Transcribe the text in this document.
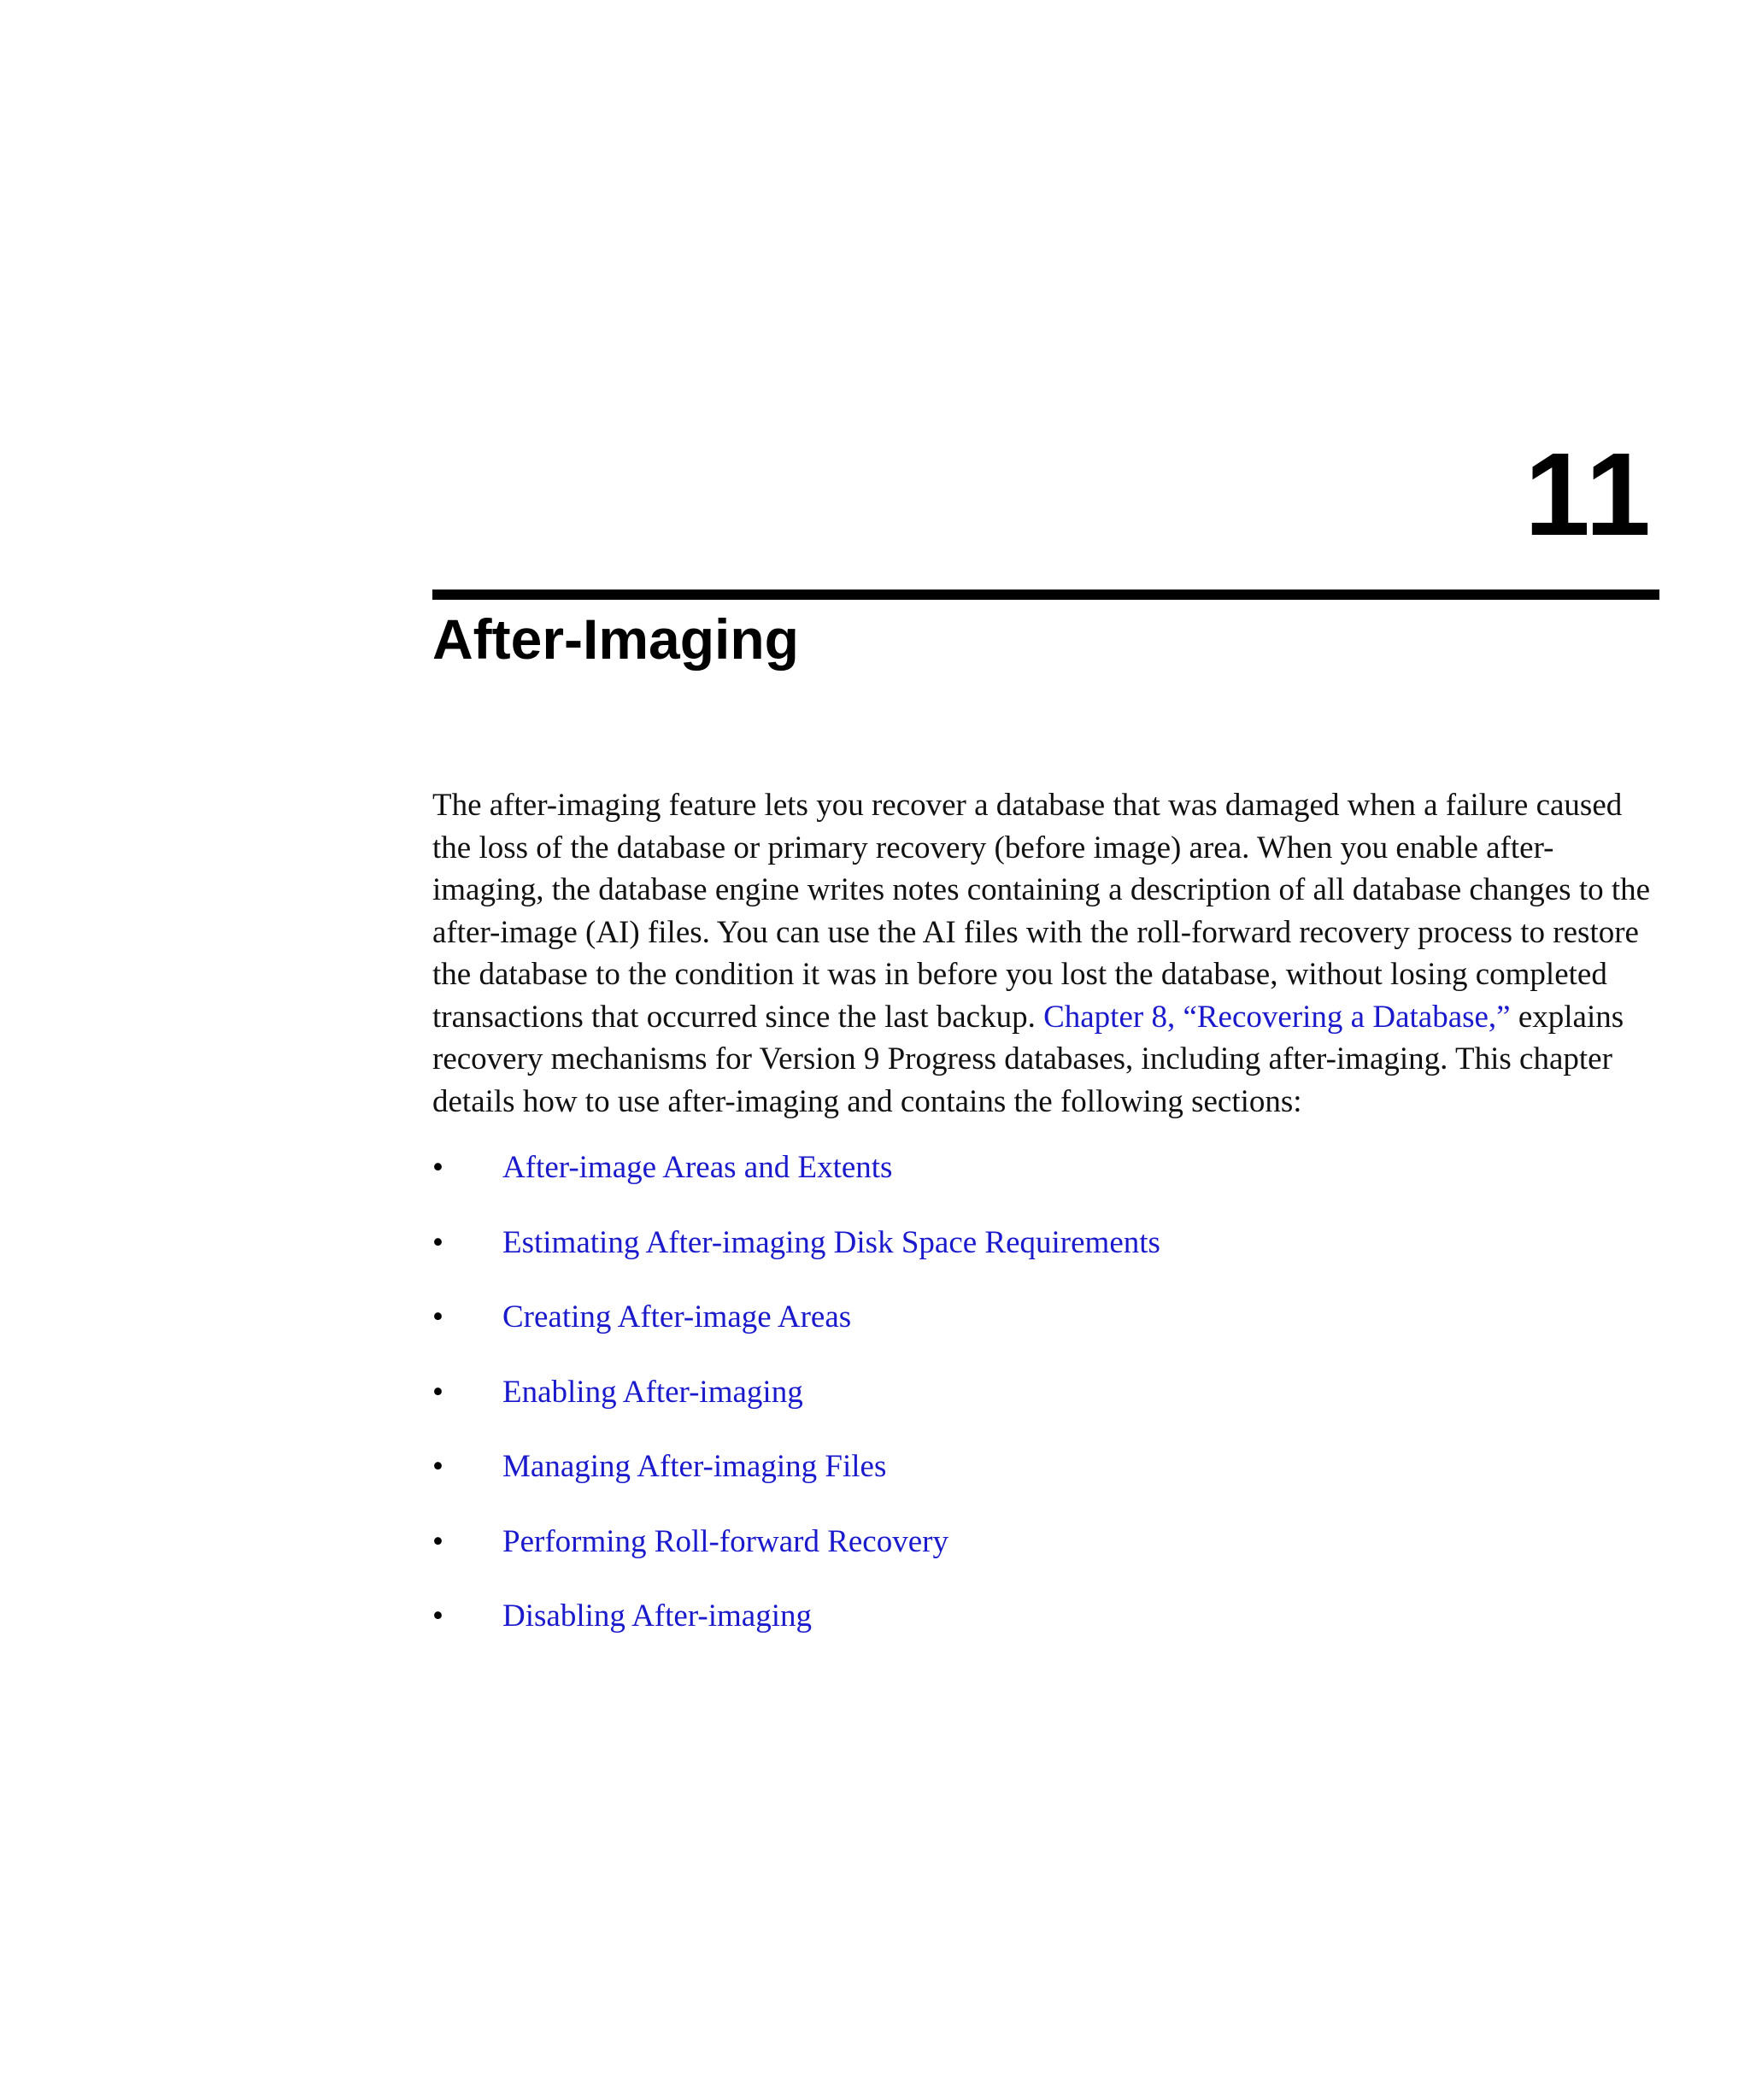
11
After-Imaging

The after-imaging feature lets you recover a database that was damaged when a failure caused the loss of the database or primary recovery (before image) area. When you enable after-imaging, the database engine writes notes containing a description of all database changes to the after-image (AI) files. You can use the AI files with the roll-forward recovery process to restore the database to the condition it was in before you lost the database, without losing completed transactions that occurred since the last backup. Chapter 8, “Recovering a Database,” explains recovery mechanisms for Version 9 Progress databases, including after-imaging. This chapter details how to use after-imaging and contains the following sections:

• After-image Areas and Extents
• Estimating After-imaging Disk Space Requirements
• Creating After-image Areas
• Enabling After-imaging
• Managing After-imaging Files
• Performing Roll-forward Recovery
• Disabling After-imaging
